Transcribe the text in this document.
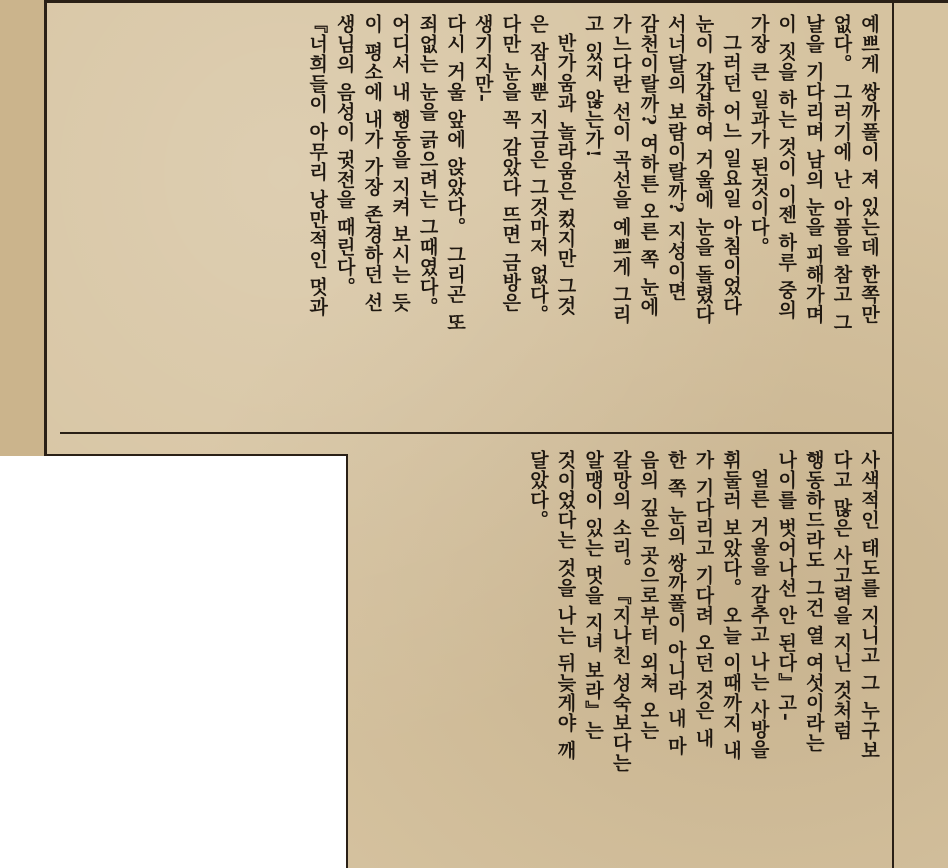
예쁘게 쌍까풀이 져 있는데 한쪽만
없다。 그러기에 난 아픔을 참고 그
날을 기다리며 남의 눈을 피해가며
이 짓을 하는 것이 이젠 하루 중의
가장 큰 일과가 된것이다。
그러던 어느 일요일 아침이었다
눈이 갑갑하여 거울에 눈을 돌렸다
서너달의 보람이랄까? 지성이면
감천이랄까? 여하튼 오른 쪽 눈에
가느다란 선이 곡선을 예쁘게 그리
고 있지 않는가!
반가움과 놀라움은 컸지만 그것
은 잠시뿐 지금은 그것마저 없다。
다만 눈을 꼭 감았다 뜨면 금방은
생기지만-
다시 거울 앞에 앉았다。 그리곤 또
죄없는 눈을 긁으려는 그때였다。
어디서 내 행동을 지켜 보시는 듯
이 평소에 내가 가장 존경하던 선
생님의 음성이 귓전을 때린다。
『너희들이 아무리 낭만적인 멋과
사색적인 태도를 지니고 그 누구보
다고 많은 사고력을 지닌 것처럼
행동하드라도 그건 열 여섯이라는
나이를 벗어나선 안 된다』고-
얼른 거울을 감추고 나는 사방을
휘둘러 보았다。 오늘 이때까지 내
가 기다리고 기다려 오던 것은 내
한 쪽 눈의 쌍까풀이 아니라 내 마
음의 깊은 곳으로부터 외쳐 오는
갈망의 소리。 『지나친 성숙보다는
알맹이 있는 멋을 지녀 보라』는
것이었다는 것을 나는 뒤늦게야 깨
달았다。
